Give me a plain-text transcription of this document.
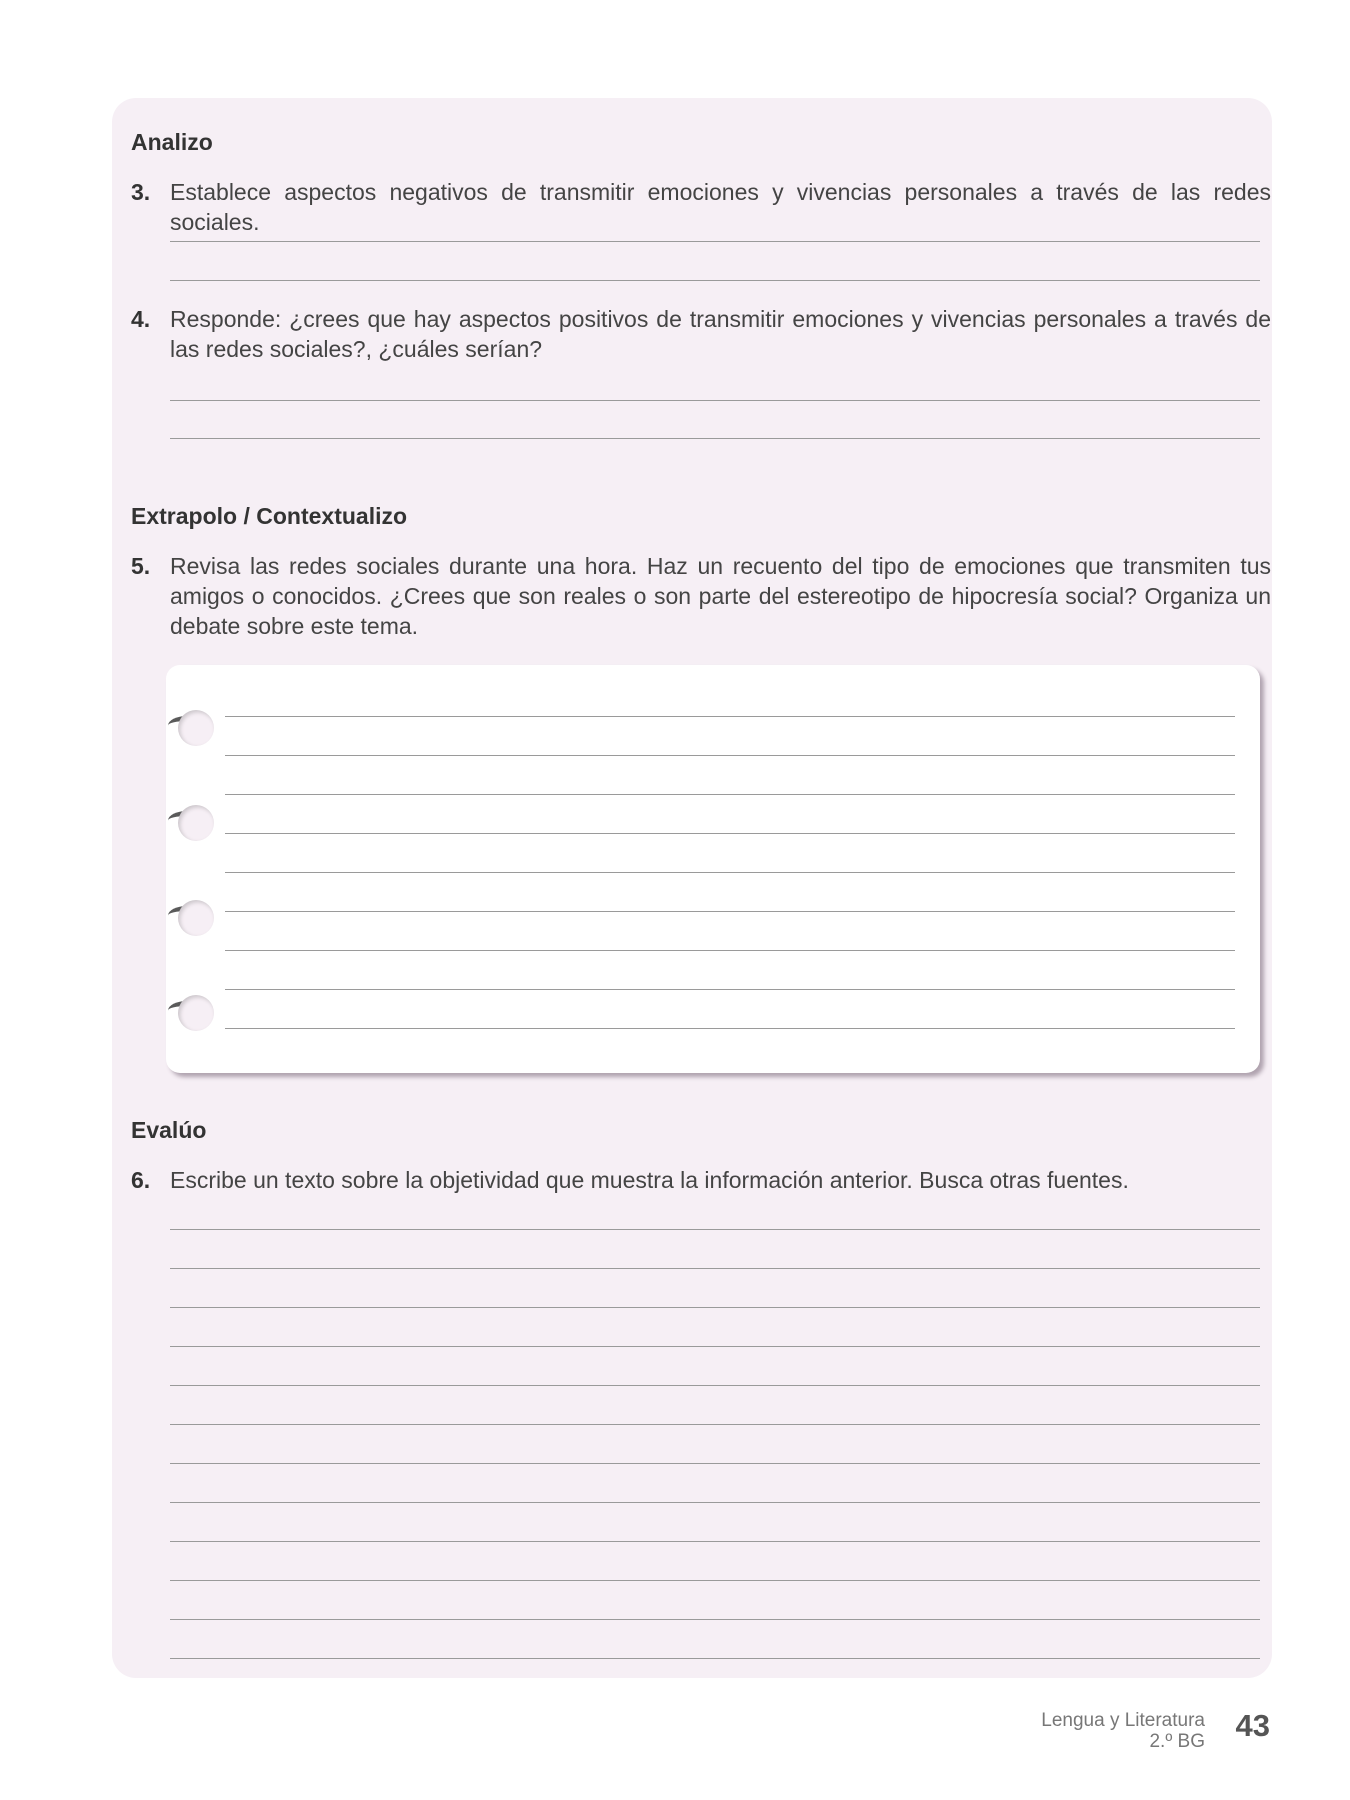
Analizo
3. Establece aspectos negativos de transmitir emociones y vivencias personales a través de las redes sociales.
4. Responde: ¿crees que hay aspectos positivos de transmitir emociones y vivencias personales a través de las redes sociales?, ¿cuáles serían?
Extrapolo / Contextualizo
5. Revisa las redes sociales durante una hora. Haz un recuento del tipo de emociones que transmiten tus amigos o conocidos. ¿Crees que son reales o son parte del estereotipo de hipocresía social? Organiza un debate sobre este tema.
Evalúo
6. Escribe un texto sobre la objetividad que muestra la información anterior. Busca otras fuentes.
Lengua y Literatura
2.º BG 43
